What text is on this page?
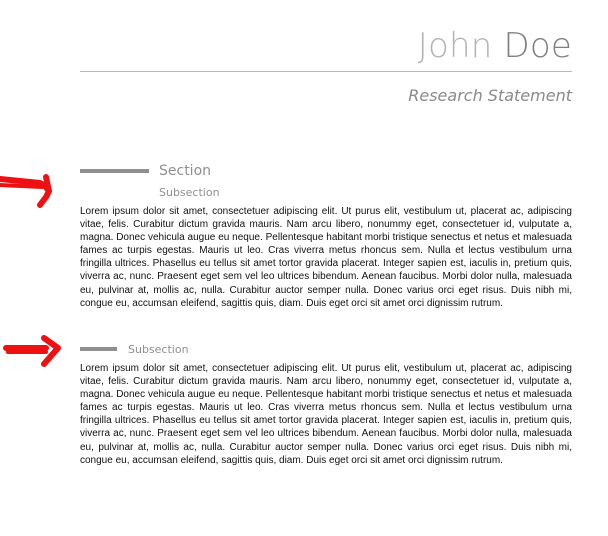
John Doe
Research Statement
Section
Subsection

Lorem ipsum dolor sit amet, consectetuer adipiscing elit. Ut purus elit, vestibulum ut, placerat ac, adipiscing vitae, felis. Curabitur dictum gravida mauris. Nam arcu libero, nonummy eget, consectetuer id, vulputate a, magna. Donec vehicula augue eu neque. Pellentesque habitant morbi tristique senectus et netus et malesuada fames ac turpis egestas. Mauris ut leo. Cras viverra metus rhoncus sem. Nulla et lectus vestibulum urna fringilla ultrices. Phasellus eu tellus sit amet tortor gravida placerat. Integer sapien est, iaculis in, pretium quis, viverra ac, nunc. Praesent eget sem vel leo ultrices bibendum. Aenean faucibus. Morbi dolor nulla, malesuada eu, pulvinar at, mollis ac, nulla. Curabitur auctor semper nulla. Donec varius orci eget risus. Duis nibh mi, congue eu, accumsan eleifend, sagittis quis, diam. Duis eget orci sit amet orci dignissim rutrum.

Subsection

Lorem ipsum dolor sit amet, consectetuer adipiscing elit. Ut purus elit, vestibulum ut, placerat ac, adipiscing vitae, felis. Curabitur dictum gravida mauris. Nam arcu libero, nonummy eget, consectetuer id, vulputate a, magna. Donec vehicula augue eu neque. Pellentesque habitant morbi tristique senectus et netus et malesuada fames ac turpis egestas. Mauris ut leo. Cras viverra metus rhoncus sem. Nulla et lectus vestibulum urna fringilla ultrices. Phasellus eu tellus sit amet tortor gravida placerat. Integer sapien est, iaculis in, pretium quis, viverra ac, nunc. Praesent eget sem vel leo ultrices bibendum. Aenean faucibus. Morbi dolor nulla, malesuada eu, pulvinar at, mollis ac, nulla. Curabitur auctor semper nulla. Donec varius orci eget risus. Duis nibh mi, congue eu, accumsan eleifend, sagittis quis, diam. Duis eget orci sit amet orci dignissim rutrum.
